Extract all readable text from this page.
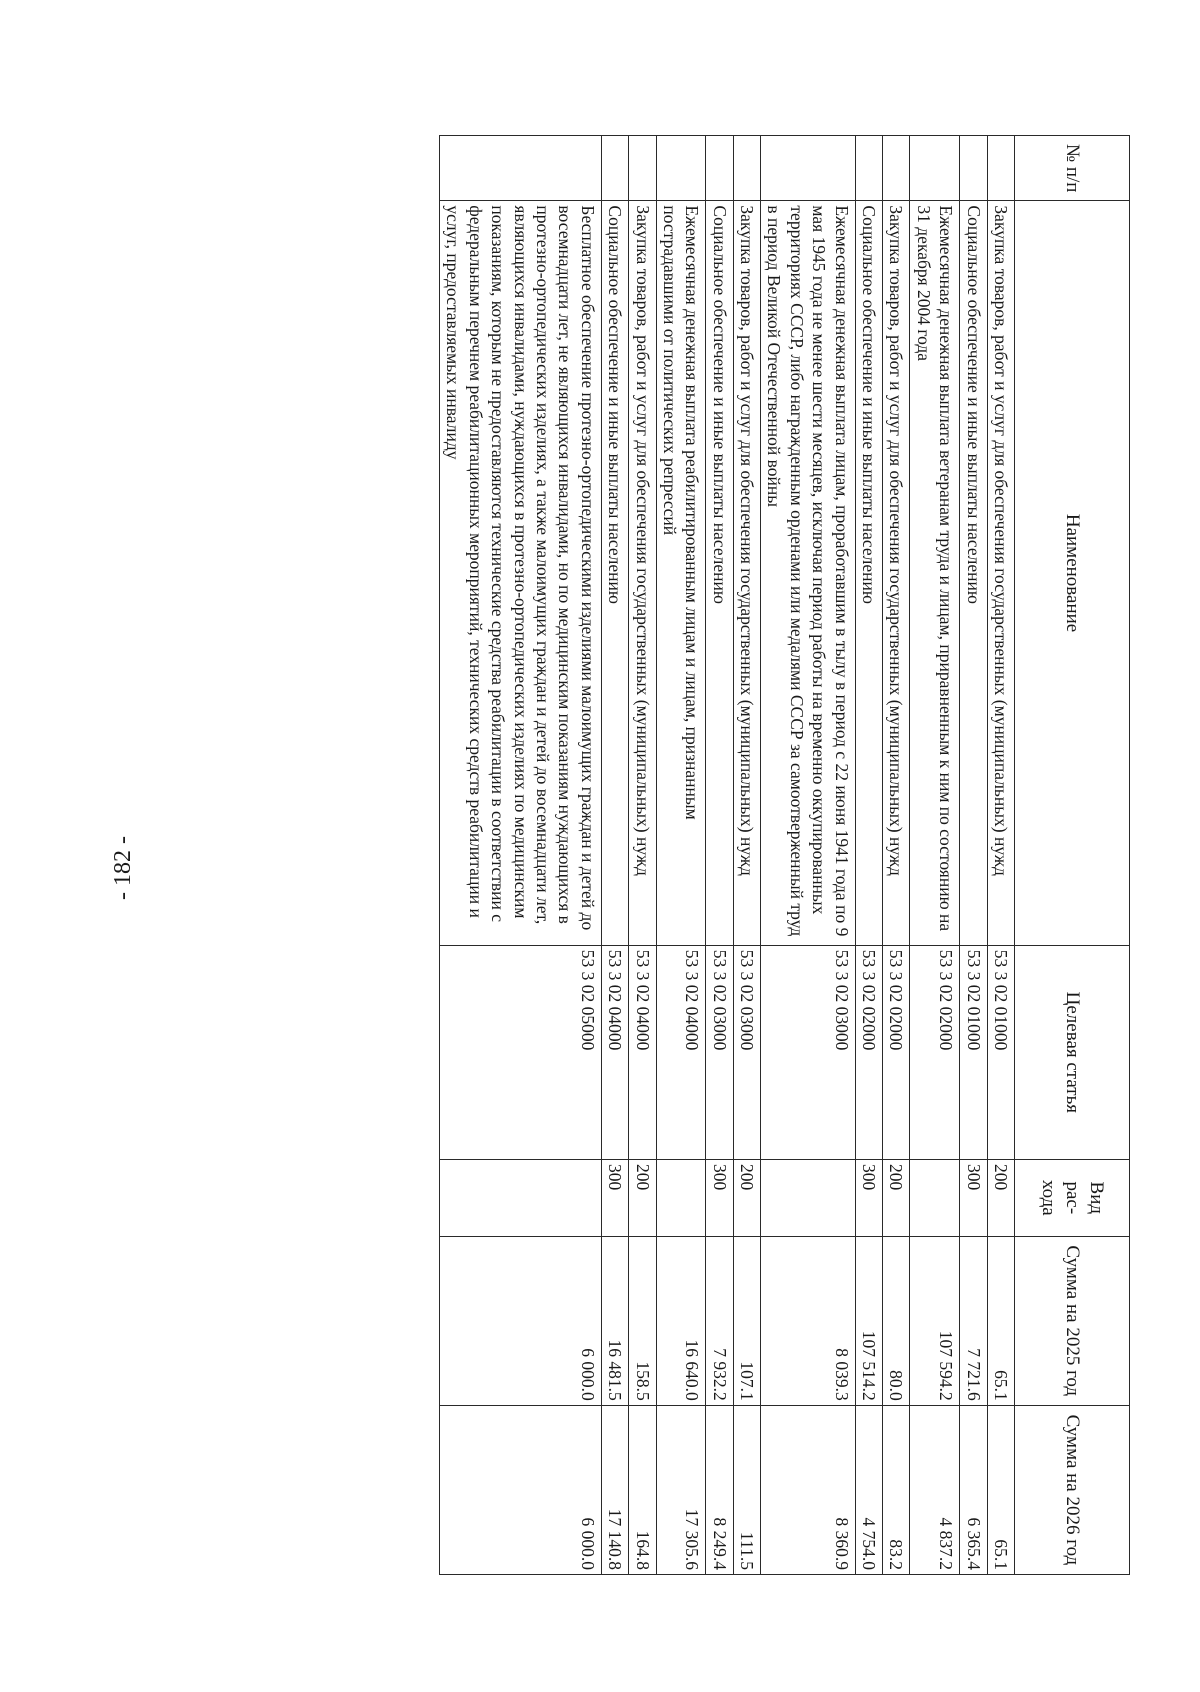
- 182 -
№ п/п	Наименование	Целевая статья	Вид рас-хода	Сумма на 2025 год	Сумма на 2026 год
	Закупка товаров, работ и услуг для обеспечения государственных (муниципальных) нужд	53 3 02 01000	200	65.1	65.1
	Социальное обеспечение и иные выплаты населению	53 3 02 01000	300	7 721.6	6 365.4
	Ежемесячная денежная выплата ветеранам труда и лицам, приравненным к ним по состоянию на 31 декабря 2004 года	53 3 02 02000		107 594.2	4 837.2
	Закупка товаров, работ и услуг для обеспечения государственных (муниципальных) нужд	53 3 02 02000	200	80.0	83.2
	Социальное обеспечение и иные выплаты населению	53 3 02 02000	300	107 514.2	4 754.0
	Ежемесячная денежная выплата лицам, проработавшим в тылу в период с 22 июня 1941 года по 9 мая 1945 года не менее шести месяцев, исключая период работы на временно оккупированных территориях СССР, либо награжденным орденами или медалями СССР за самоотверженный труд в период Великой Отечественной войны	53 3 02 03000		8 039.3	8 360.9
	Закупка товаров, работ и услуг для обеспечения государственных (муниципальных) нужд	53 3 02 03000	200	107.1	111.5
	Социальное обеспечение и иные выплаты населению	53 3 02 03000	300	7 932.2	8 249.4
	Ежемесячная денежная выплата реабилитированным лицам и лицам, признанным пострадавшими от политических репрессий	53 3 02 04000		16 640.0	17 305.6
	Закупка товаров, работ и услуг для обеспечения государственных (муниципальных) нужд	53 3 02 04000	200	158.5	164.8
	Социальное обеспечение и иные выплаты населению	53 3 02 04000	300	16 481.5	17 140.8
	Бесплатное обеспечение протезно-ортопедическими изделиями малоимущих граждан и детей до восемнадцати лет, не являющихся инвалидами, но по медицинским показаниям нуждающихся в протезно-ортопедических изделиях, а также малоимущих граждан и детей до восемнадцати лет, являющихся инвалидами, нуждающихся в протезно-ортопедических изделиях по медицинским показаниям, которым не предоставляются технические средства реабилитации в соответствии с федеральным перечнем реабилитационных мероприятий, технических средств реабилитации и услуг, предоставляемых инвалиду	53 3 02 05000		6 000.0	6 000.0
